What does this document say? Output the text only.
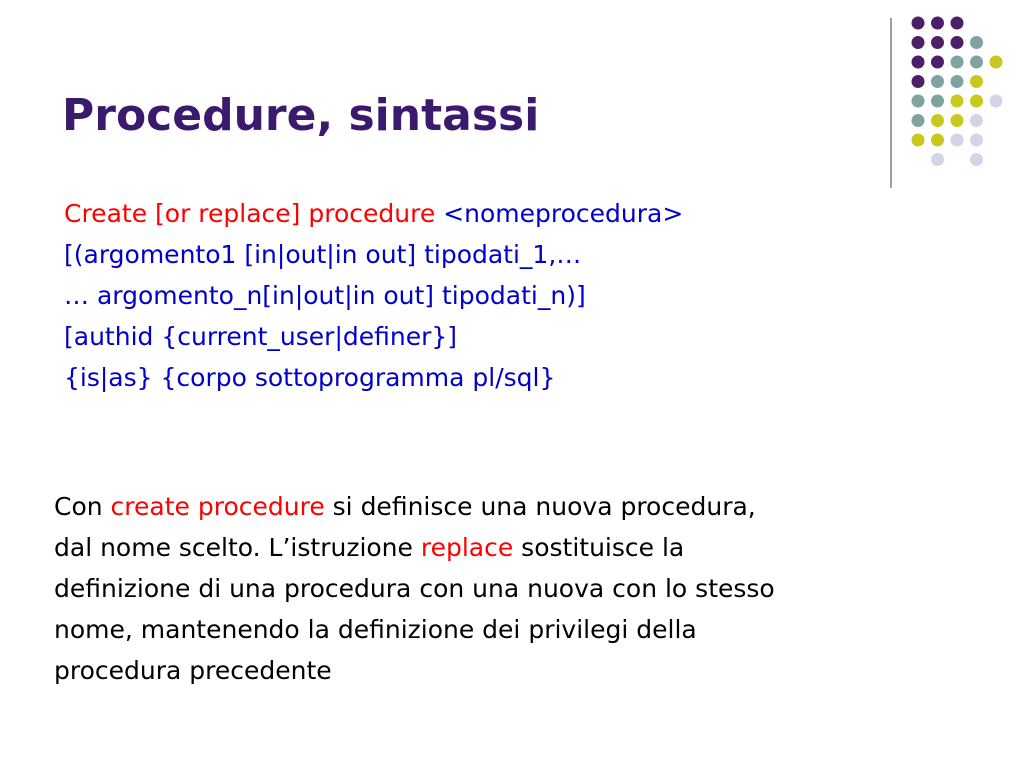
Procedure, sintassi
Create [or replace] procedure <nomeprocedura>
[(argomento1 [in|out|in out] tipodati_1,…
… argomento_n[in|out|in out] tipodati_n)]
[authid {current_user|definer}]
{is|as} {corpo sottoprogramma pl/sql}
Con create procedure si definisce una nuova procedura,
dal nome scelto. L’istruzione replace sostituisce la
definizione di una procedura con una nuova con lo stesso
nome, mantenendo la definizione dei privilegi della
procedura precedente
